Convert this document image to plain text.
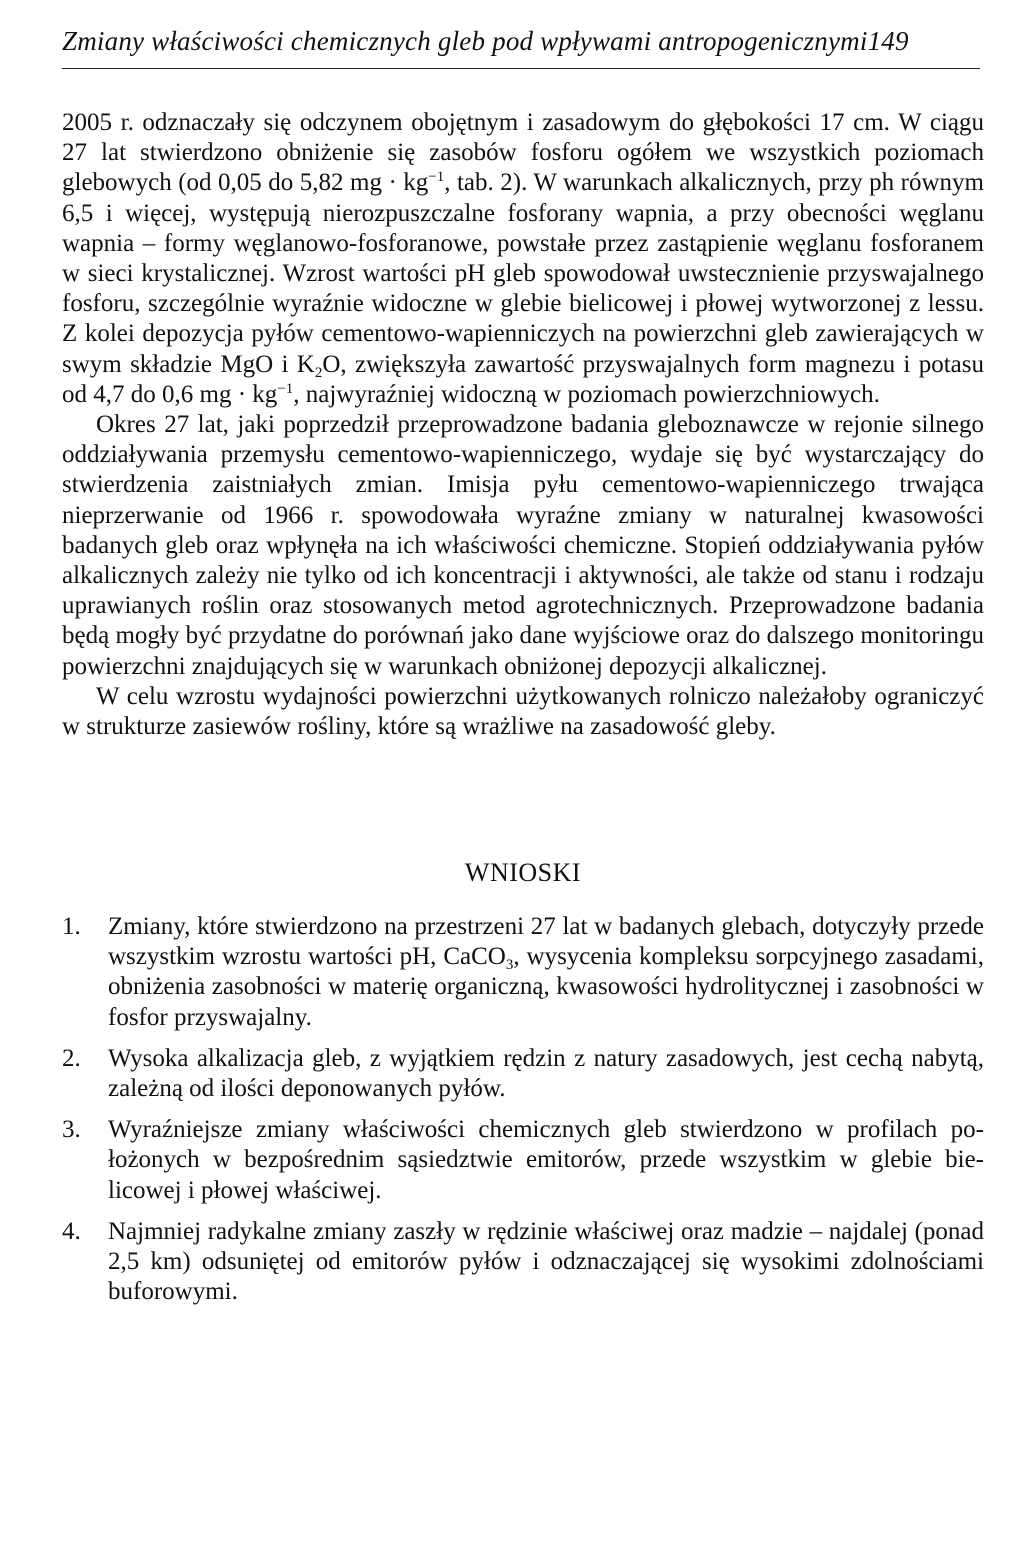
Zmiany właściwości chemicznych gleb pod wpływami antropogenicznymi149

2005 r. odznaczały się odczynem obojętnym i zasadowym do głębokości 17 cm. W ciągu 27 lat stwierdzono obniżenie się zasobów fosforu ogółem we wszystkich poziomach glebowych (od 0,05 do 5,82 mg · $kg^{-1}$, tab. 2). W warunkach alkalicznych, przy ph równym 6,5 i więcej, występują nierozpuszczalne fosforany wapnia, a przy obecności węglanu wapnia – formy węglanowo-fosforanowe, powstałe przez zastąpienie węglanu fosforanem w sieci krystalicznej. Wzrost wartości pH gleb spowodował uwstecznienie przyswajalnego fosforu, szczególnie wyraźnie widoczne w glebie bielicowej i płowej wytworzonej z lessu. Z kolei depozycja pyłów cementowo-wapienniczych na powierzchni gleb zawierających w swym składzie MgO i $K_2O$, zwiększyła zawartość przyswajalnych form magnezu i potasu od 4,7 do 0,6 mg · $kg^{-1}$, najwyraźniej widoczną w poziomach powierzchniowych.

Okres 27 lat, jaki poprzedził przeprowadzone badania gleboznawcze w rejonie silnego oddziaływania przemysłu cementowo-wapienniczego, wydaje się być wystarczający do stwierdzenia zaistniałych zmian. Imisja pyłu cementowo-wapienniczego trwająca nieprzerwanie od 1966 r. spowodowała wyraźne zmiany w naturalnej kwasowości badanych gleb oraz wpłynęła na ich właściwości chemiczne. Stopień oddziaływania pyłów alkalicznych zależy nie tylko od ich koncentracji i aktywności, ale także od stanu i rodzaju uprawianych roślin oraz stosowanych metod agrotechnicznych. Przeprowadzone badania będą mogły być przydatne do porównań jako dane wyjściowe oraz do dalszego monitoringu powierzchni znajdujących się w warunkach obniżonej depozycji alkalicznej.

W celu wzrostu wydajności powierzchni użytkowanych rolniczo należałoby ograniczyć w strukturze zasiewów rośliny, które są wrażliwe na zasadowość gleby.

WNIOSKI
1. Zmiany, które stwierdzono na przestrzeni 27 lat w badanych glebach, dotyczyły przede wszystkim wzrostu wartości pH, CaCO$_3$, wysycenia kompleksu sorpcyjnego zasadami, obniżenia zasobności w materię organiczną, kwasowości hydrolitycznej i zasobności w fosfor przyswajalny.
2. Wysoka alkalizacja gleb, z wyjątkiem rędzin z natury zasadowych, jest cechą nabytą, zależną od ilości deponowanych pyłów.
3. Wyraźniejsze zmiany właściwości chemicznych gleb stwierdzono w profilach położonych w bezpośrednim sąsiedztwie emitorów, przede wszystkim w glebie bielicowej i płowej właściwej.
4. Najmniej radykalne zmiany zaszły w rędzinie właściwej oraz madzie – najdalej (ponad 2,5 km) odsuniętej od emitorów pyłów i odznaczającej się wysokimi zdolnościami buforowymi.
